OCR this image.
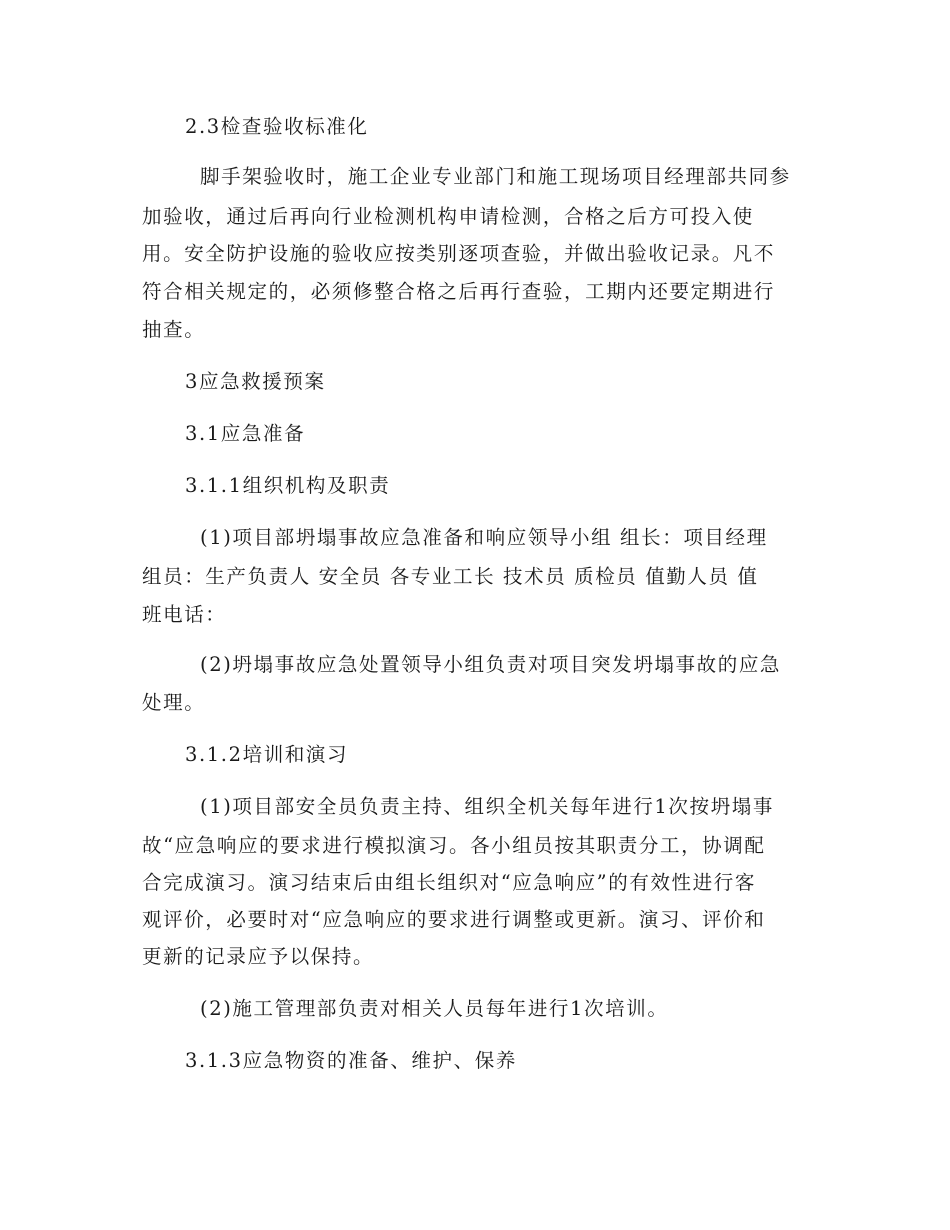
2.3检查验收标准化
脚手架验收时，施工企业专业部门和施工现场项目经理部共同参
加验收，通过后再向行业检测机构申请检测，合格之后方可投入使
用。安全防护设施的验收应按类别逐项查验，并做出验收记录。凡不
符合相关规定的，必须修整合格之后再行查验，工期内还要定期进行
抽查。
3应急救援预案
3.1应急准备
3.1.1组织机构及职责
(1)项目部坍塌事故应急准备和响应领导小组 组长：项目经理
组员：生产负责人 安全员 各专业工长 技术员 质检员 值勤人员 值
班电话：
(2)坍塌事故应急处置领导小组负责对项目突发坍塌事故的应急
处理。
3.1.2培训和演习
(1)项目部安全员负责主持、组织全机关每年进行1次按坍塌事
故“应急响应的要求进行模拟演习。各小组员按其职责分工，协调配
合完成演习。演习结束后由组长组织对“应急响应”的有效性进行客
观评价，必要时对“应急响应的要求进行调整或更新。演习、评价和
更新的记录应予以保持。
(2)施工管理部负责对相关人员每年进行1次培训。
3.1.3应急物资的准备、维护、保养
